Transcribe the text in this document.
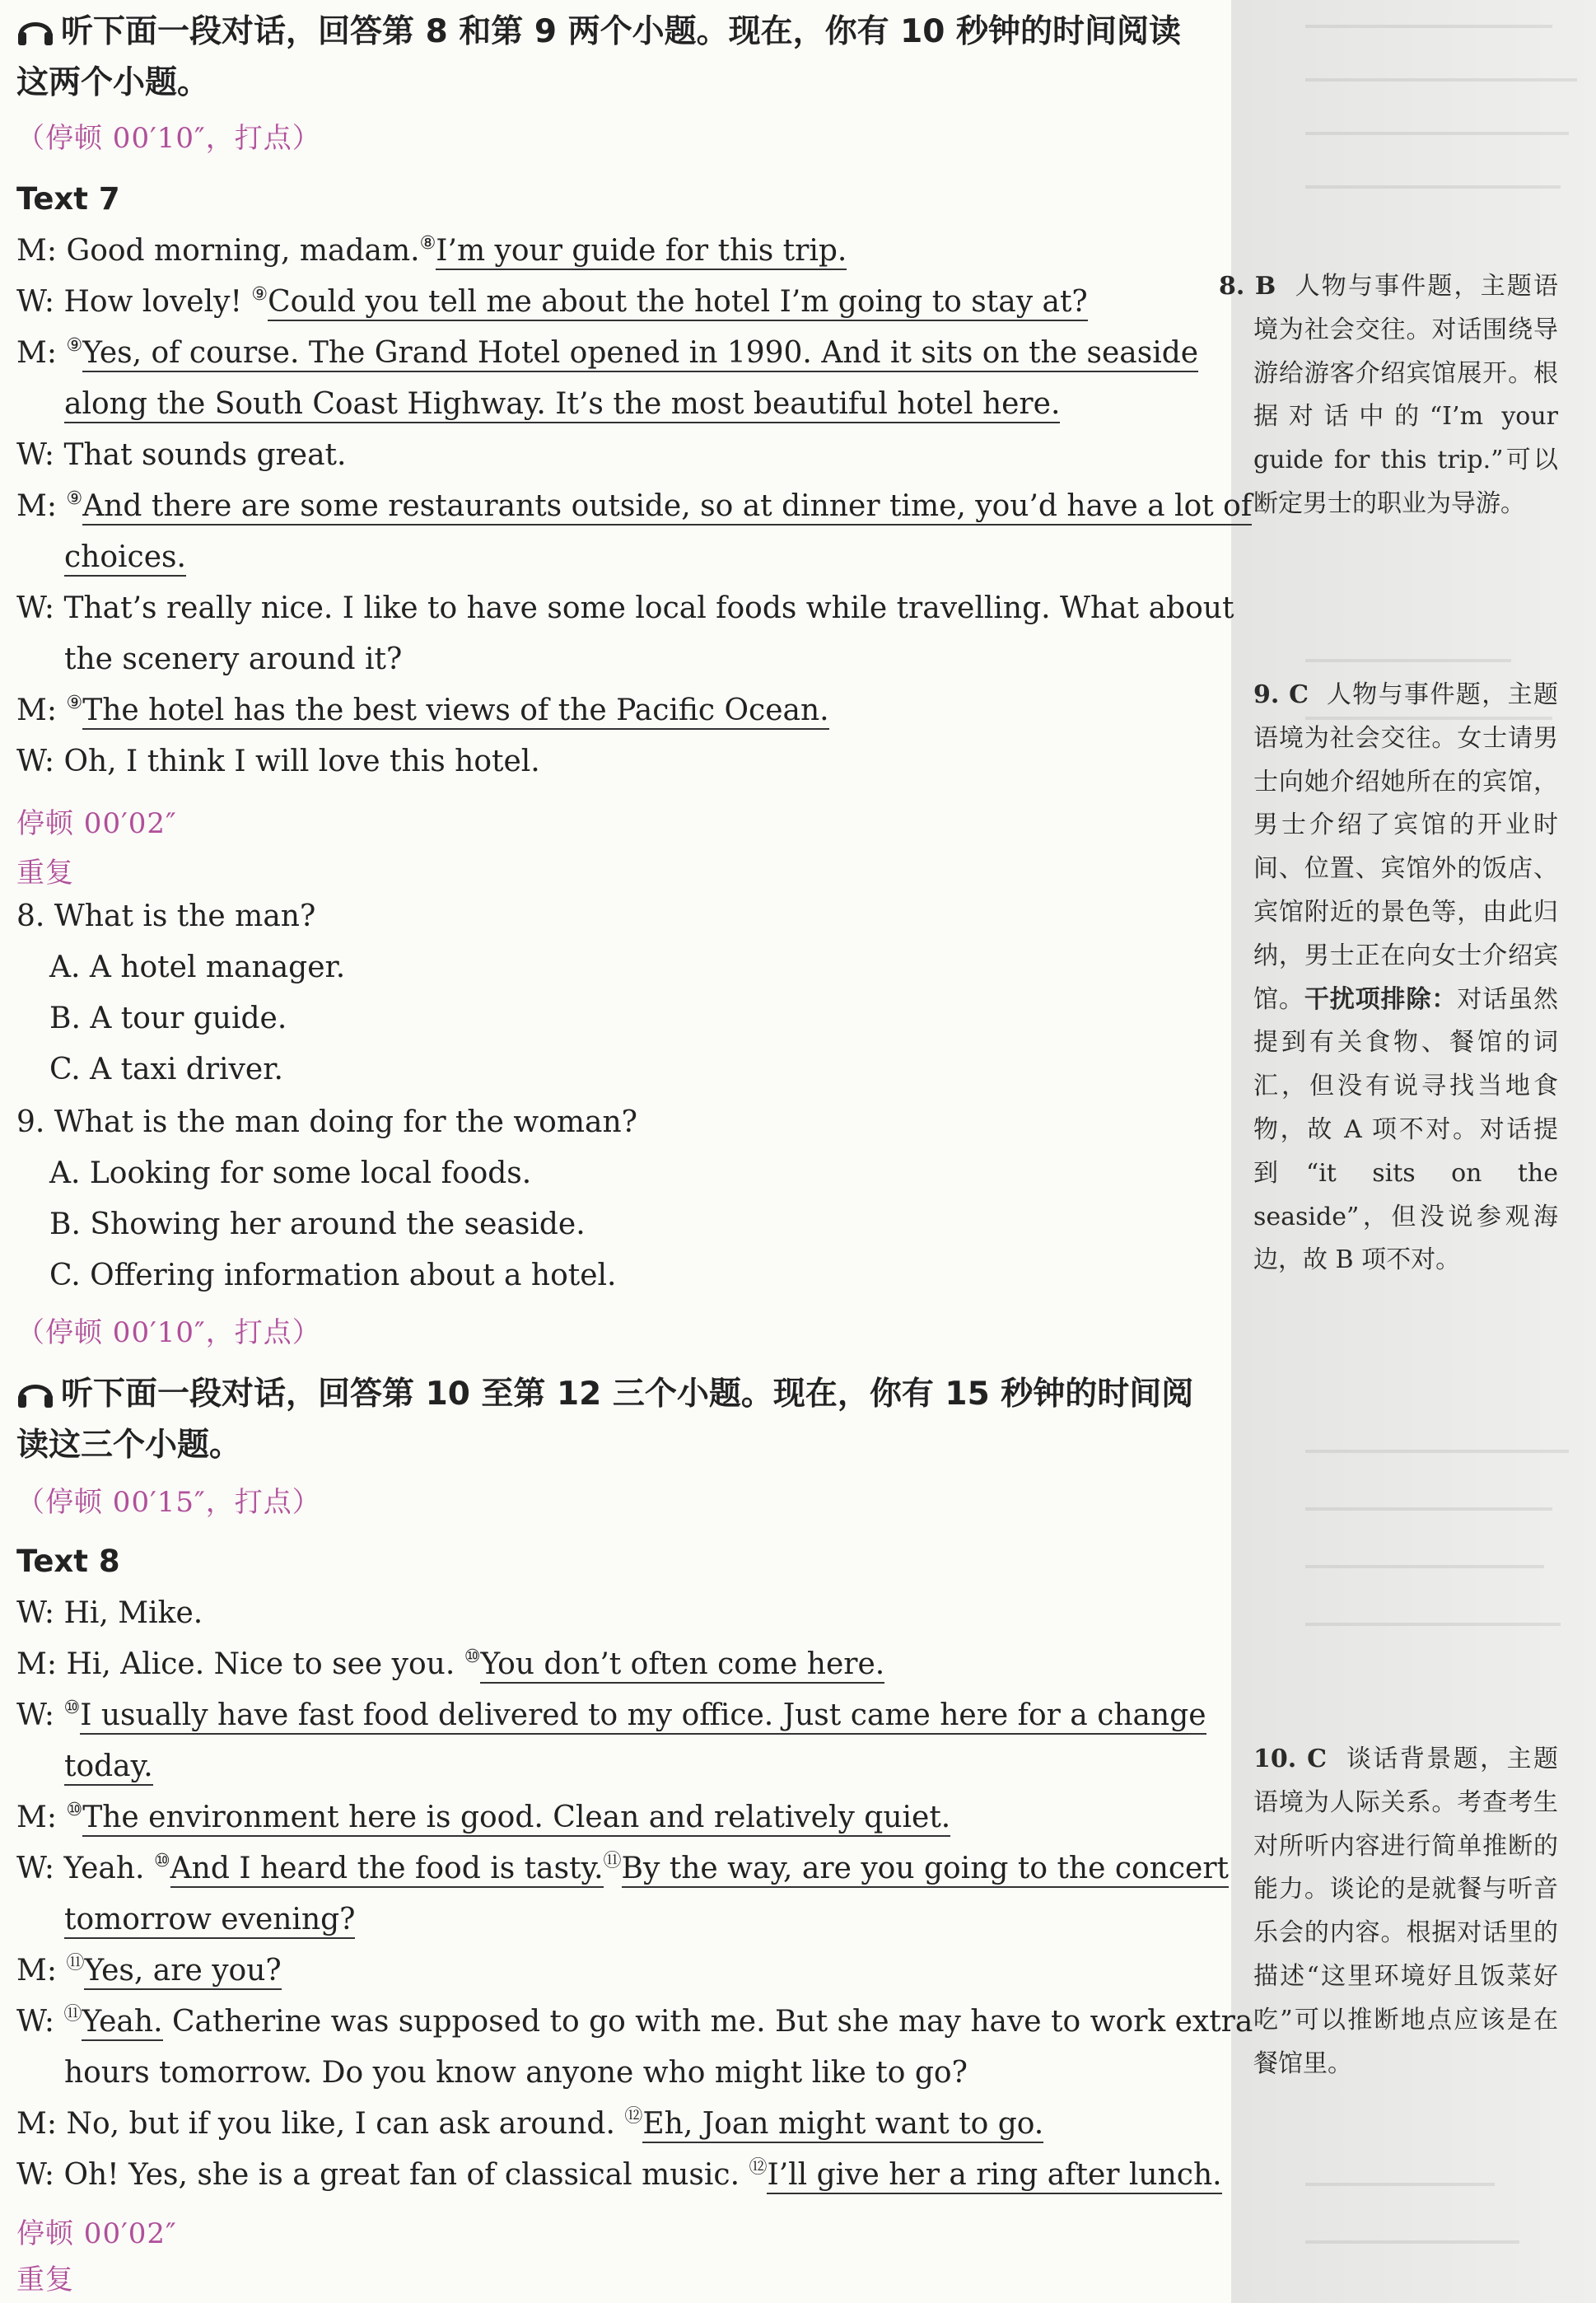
听下面一段对话，回答第 8 和第 9 两个小题。现在，你有 10 秒钟的时间阅读这两个小题。
（停顿 00′10″，打点）
Text 7
M: Good morning, madam.⑧I’m your guide for this trip.
W: How lovely! ⑨Could you tell me about the hotel I’m going to stay at?
M: ⑨Yes, of course. The Grand Hotel opened in 1990. And it sits on the seaside
along the South Coast Highway. It’s the most beautiful hotel here.
W: That sounds great.
M: ⑨And there are some restaurants outside, so at dinner time, you’d have a lot of
choices.
W: That’s really nice. I like to have some local foods while travelling. What about
the scenery around it?
M: ⑨The hotel has the best views of the Pacific Ocean.
W: Oh, I think I will love this hotel.
停顿 00′02″
重复
8. What is the man?
A. A hotel manager.
B. A tour guide.
C. A taxi driver.
9. What is the man doing for the woman?
A. Looking for some local foods.
B. Showing her around the seaside.
C. Offering information about a hotel.
（停顿 00′10″，打点）
听下面一段对话，回答第 10 至第 12 三个小题。现在，你有 15 秒钟的时间阅读这三个小题。
（停顿 00′15″，打点）
Text 8
W: Hi, Mike.
M: Hi, Alice. Nice to see you. ⑩You don’t often come here.
W: ⑩I usually have fast food delivered to my office. Just came here for a change
today.
M: ⑩The environment here is good. Clean and relatively quiet.
W: Yeah. ⑩And I heard the food is tasty.⑪By the way, are you going to the concert
tomorrow evening?
M: ⑪Yes, are you?
W: ⑪Yeah. Catherine was supposed to go with me. But she may have to work extra
hours tomorrow. Do you know anyone who might like to go?
M: No, but if you like, I can ask around. ⑫Eh, Joan might want to go.
W: Oh! Yes, she is a great fan of classical music. ⑫I’ll give her a ring after lunch.
停顿 00′02″
重复

8. B 人物与事件题，主题语境为社会交往。对话围绕导游给游客介绍宾馆展开。根据对话中的“I’m your guide for this trip.”可以断定男士的职业为导游。

9. C 人物与事件题，主题语境为社会交往。女士请男士向她介绍她所在的宾馆，男士介绍了宾馆的开业时间、位置、宾馆外的饭店、宾馆附近的景色等，由此归纳，男士正在向女士介绍宾馆。干扰项排除：对话虽然提到有关食物、餐馆的词汇，但没有说寻找当地食物，故 A 项不对。对话提到“it sits on the seaside”，但没说参观海边，故 B 项不对。

10. C 谈话背景题，主题语境为人际关系。考查考生对所听内容进行简单推断的能力。谈论的是就餐与听音乐会的内容。根据对话里的描述“这里环境好且饭菜好吃”可以推断地点应该是在餐馆里。
